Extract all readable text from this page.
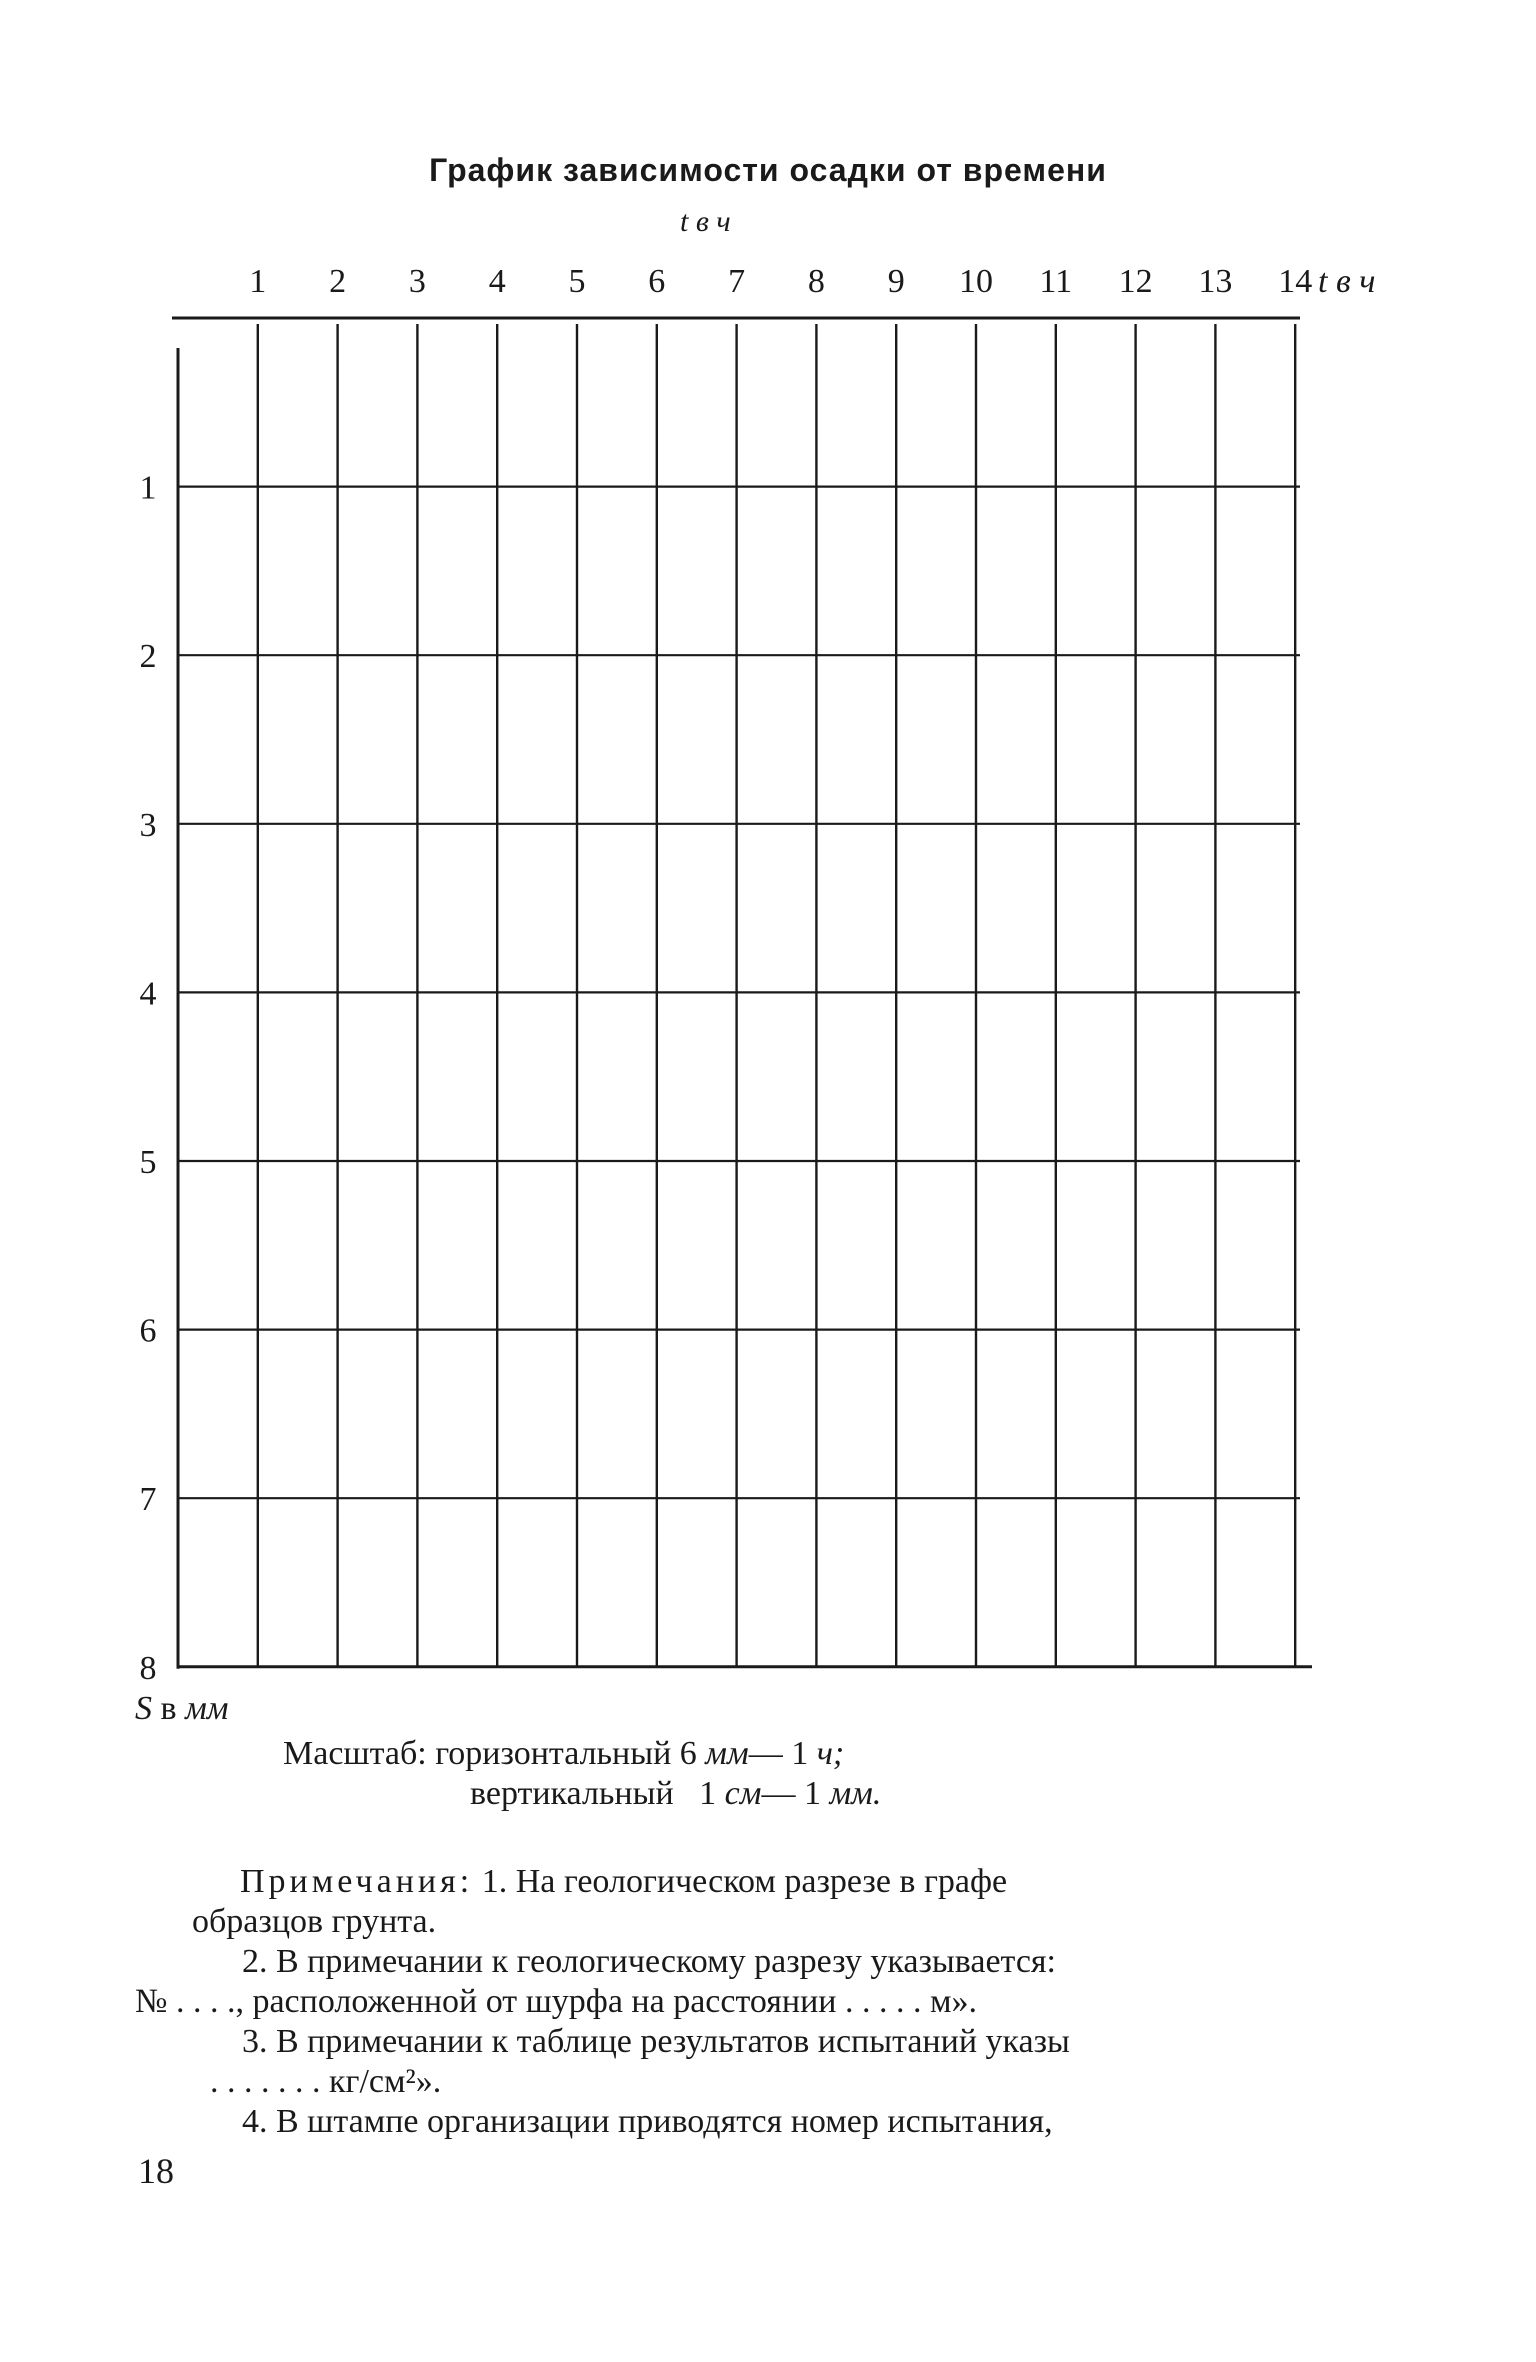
График зависимости осадки от времени
t в ч
1 2 3 4 5 6 7 8 9 10 11 12 13 14 t в ч
1
2
3
4
5
6
7
8
S в мм
Масштаб: горизонтальный 6 мм— 1 ч;
вертикальный   1 см— 1 мм.
Примечания: 1. На геологическом разрезе в графе
образцов грунта.
2. В примечании к геологическому разрезу указывается:
№ . . . ., расположенной от шурфа на расстоянии . . . . . м».
3. В примечании к таблице результатов испытаний указы
. . . . . . . кг/см²».
4. В штампе организации приводятся номер испытания,
18
